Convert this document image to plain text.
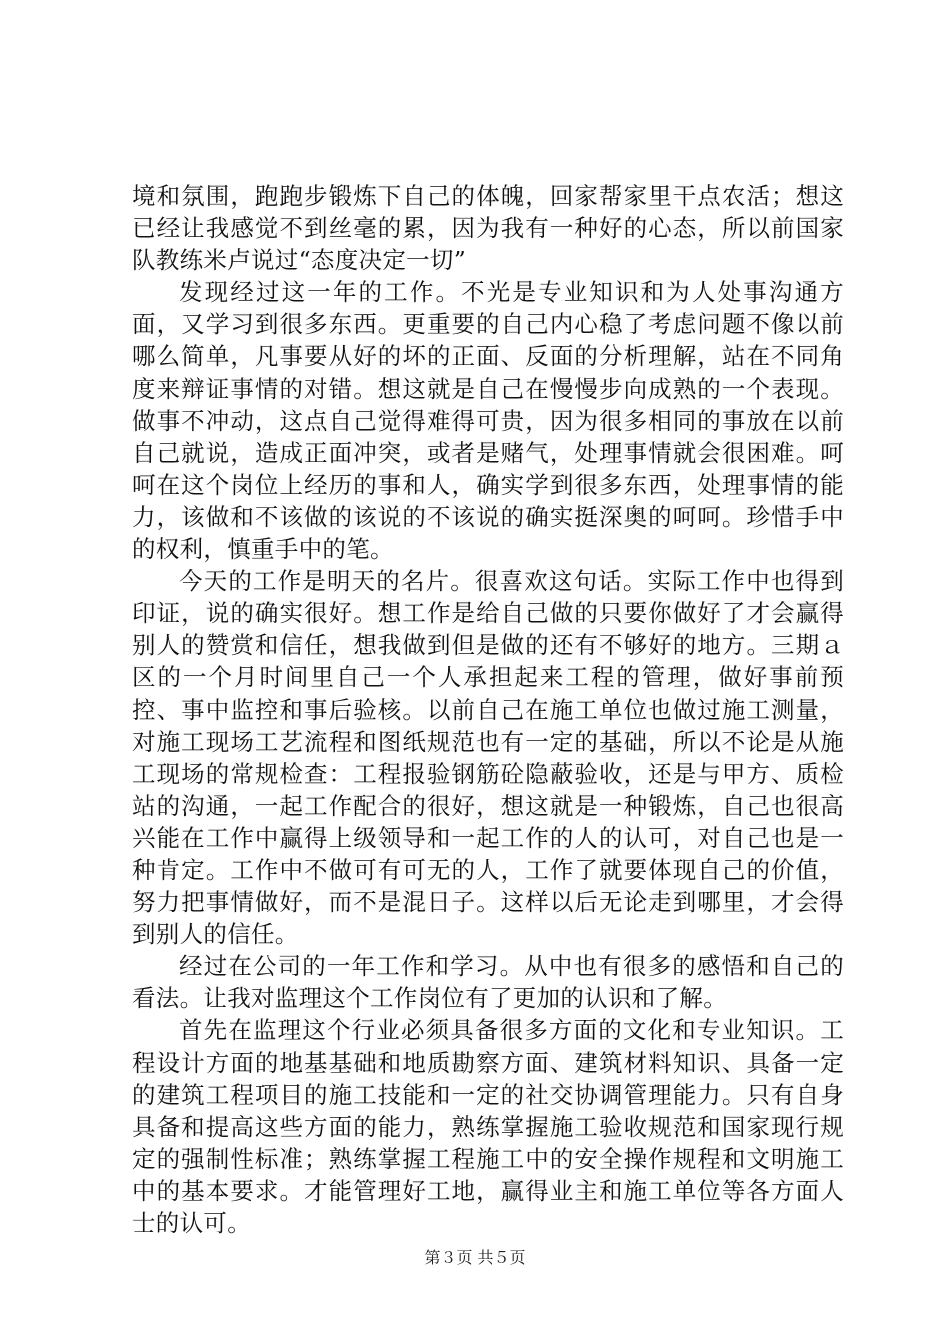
境和氛围，跑跑步锻炼下自己的体魄，回家帮家里干点农活；想这已经让我感觉不到丝毫的累，因为我有一种好的心态，所以前国家队教练米卢说过“态度决定一切”

发现经过这一年的工作。不光是专业知识和为人处事沟通方面，又学习到很多东西。更重要的自己内心稳了考虑问题不像以前哪么简单，凡事要从好的坏的正面、反面的分析理解，站在不同角度来辩证事情的对错。想这就是自己在慢慢步向成熟的一个表现。做事不冲动，这点自己觉得难得可贵，因为很多相同的事放在以前自己就说，造成正面冲突，或者是赌气，处理事情就会很困难。呵呵在这个岗位上经历的事和人，确实学到很多东西，处理事情的能力，该做和不该做的该说的不该说的确实挺深奥的呵呵。珍惜手中的权利，慎重手中的笔。

今天的工作是明天的名片。很喜欢这句话。实际工作中也得到印证，说的确实很好。想工作是给自己做的只要你做好了才会赢得别人的赞赏和信任，想我做到但是做的还有不够好的地方。三期ａ区的一个月时间里自己一个人承担起来工程的管理，做好事前预控、事中监控和事后验核。以前自己在施工单位也做过施工测量，对施工现场工艺流程和图纸规范也有一定的基础，所以不论是从施工现场的常规检查：工程报验钢筋砼隐蔽验收，还是与甲方、质检站的沟通，一起工作配合的很好，想这就是一种锻炼，自己也很高兴能在工作中赢得上级领导和一起工作的人的认可，对自己也是一种肯定。工作中不做可有可无的人，工作了就要体现自己的价值，努力把事情做好，而不是混日子。这样以后无论走到哪里，才会得到别人的信任。

经过在公司的一年工作和学习。从中也有很多的感悟和自己的看法。让我对监理这个工作岗位有了更加的认识和了解。

首先在监理这个行业必须具备很多方面的文化和专业知识。工程设计方面的地基基础和地质勘察方面、建筑材料知识、具备一定的建筑工程项目的施工技能和一定的社交协调管理能力。只有自身具备和提高这些方面的能力，熟练掌握施工验收规范和国家现行规定的强制性标准；熟练掌握工程施工中的安全操作规程和文明施工中的基本要求。才能管理好工地，赢得业主和施工单位等各方面人士的认可。

第３页 共５页
